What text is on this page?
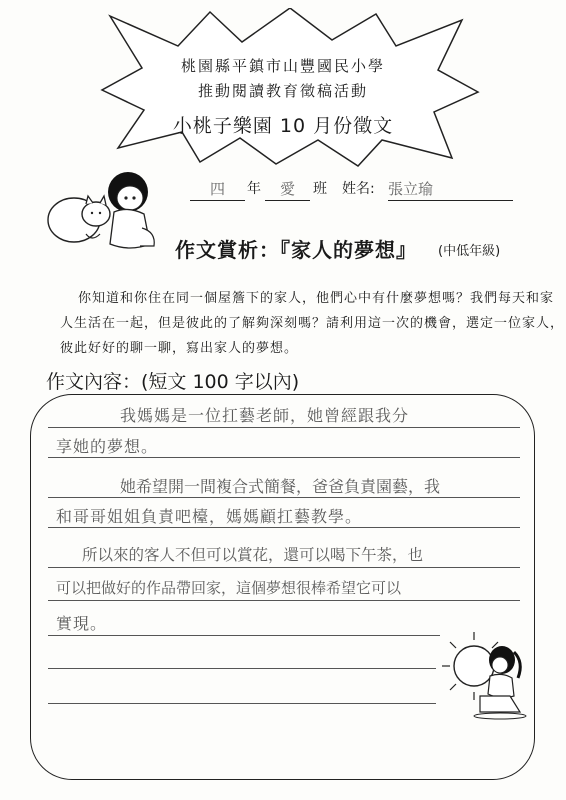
桃園縣平鎮市山豐國民小學
推動閱讀教育徵稿活動
小桃子樂園 10 月份徵文
四	年	愛	班 姓名: 張立瑜
作文賞析：『家人的夢想』 (中低年級)
你知道和你住在同一個屋簷下的家人，他們心中有什麼夢想嗎？我們每天和家
人生活在一起，但是彼此的了解夠深刻嗎？請利用這一次的機會，選定一位家人，
彼此好好的聊一聊，寫出家人的夢想。
作文內容：(短文 100 字以內)
我媽媽是一位扛藝老師，她曾經跟我分
享她的夢想。
她希望開一間複合式簡餐，爸爸負責園藝，我
和哥哥姐姐負責吧檯，媽媽顧扛藝教學。
所以來的客人不但可以賞花，還可以喝下午茶，也
可以把做好的作品帶回家，這個夢想很棒希望它可以
實現。
